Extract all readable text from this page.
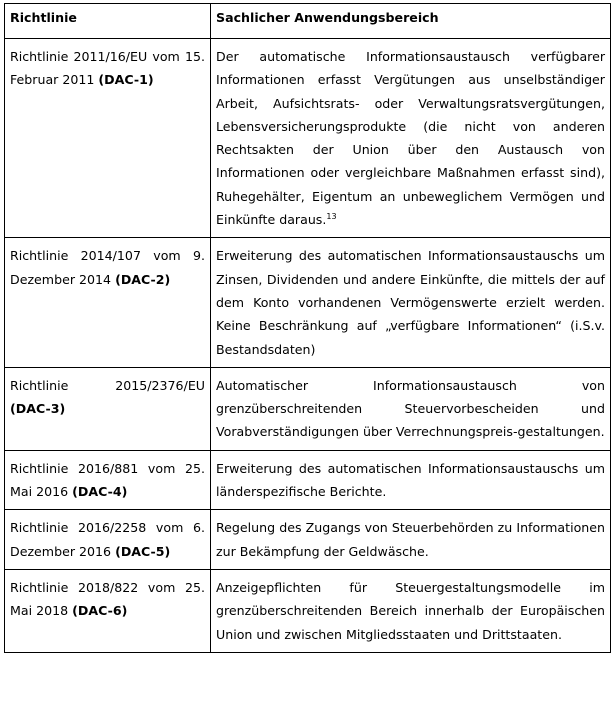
Richtlinie	Sachlicher Anwendungsbereich
Richtlinie 2011/16/EU vom 15. Februar 2011 (DAC-1)	Der automatische Informationsaustausch verfügbarer Informationen erfasst Vergütungen aus unselbständiger Arbeit, Aufsichtsrats- oder Verwaltungsratsvergütungen, Lebensversicherungsprodukte (die nicht von anderen Rechtsakten der Union über den Austausch von Informationen oder vergleichbare Maßnahmen erfasst sind), Ruhegehälter, Eigentum an unbeweglichem Vermögen und Einkünfte daraus.$^{13}$
Richtlinie 2014/107 vom 9. Dezember 2014 (DAC-2)	Erweiterung des automatischen Informationsaustauschs um Zinsen, Dividenden und andere Einkünfte, die mittels der auf dem Konto vorhandenen Vermögenswerte erzielt werden. Keine Beschränkung auf „verfügbare Informationen“ (i.S.v. Bestandsdaten)
Richtlinie 2015/2376/EU (DAC-3)	Automatischer Informationsaustausch von grenzüberschreitenden Steuervorbescheiden und Vorabverständigungen über Verrechnungspreis-gestaltungen.
Richtlinie 2016/881 vom 25. Mai 2016 (DAC-4)	Erweiterung des automatischen Informationsaustauschs um länderspezifische Berichte.
Richtlinie 2016/2258 vom 6. Dezember 2016 (DAC-5)	Regelung des Zugangs von Steuerbehörden zu Informationen zur Bekämpfung der Geldwäsche.
Richtlinie 2018/822 vom 25. Mai 2018 (DAC-6)	Anzeigepflichten für Steuergestaltungsmodelle im grenzüberschreitenden Bereich innerhalb der Europäischen Union und zwischen Mitgliedsstaaten und Drittstaaten.
